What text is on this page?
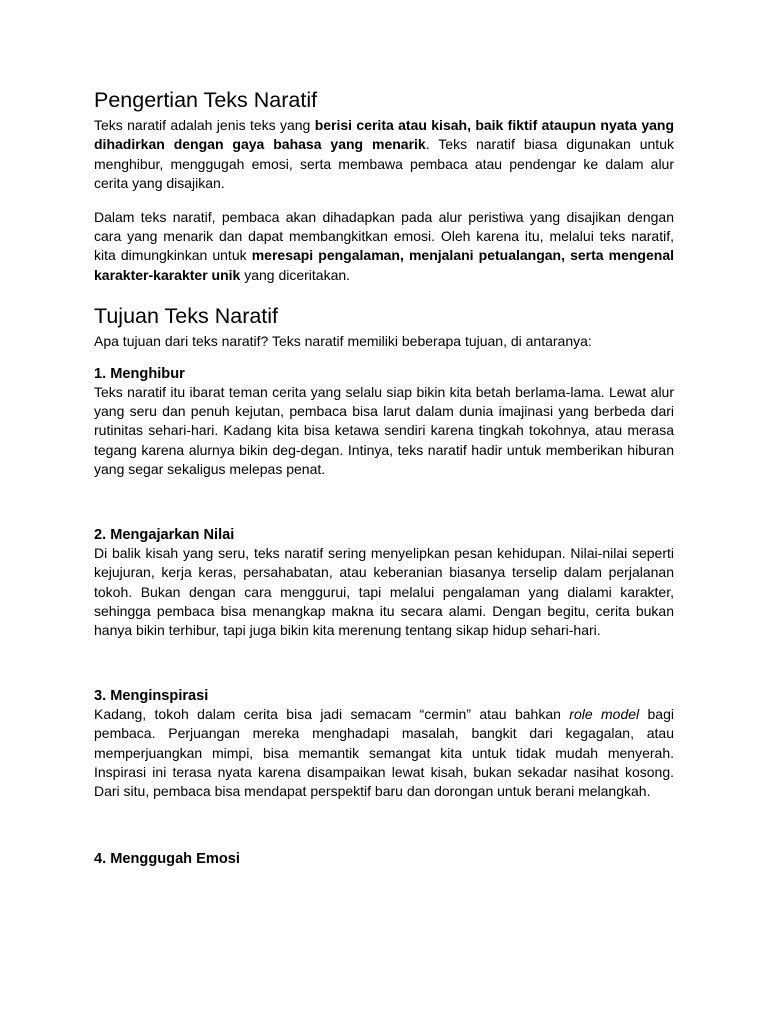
Pengertian Teks Naratif

Teks naratif adalah jenis teks yang berisi cerita atau kisah, baik fiktif ataupun nyata yang dihadirkan dengan gaya bahasa yang menarik. Teks naratif biasa digunakan untuk menghibur, menggugah emosi, serta membawa pembaca atau pendengar ke dalam alur cerita yang disajikan.

Dalam teks naratif, pembaca akan dihadapkan pada alur peristiwa yang disajikan dengan cara yang menarik dan dapat membangkitkan emosi. Oleh karena itu, melalui teks naratif, kita dimungkinkan untuk meresapi pengalaman, menjalani petualangan, serta mengenal karakter-karakter unik yang diceritakan.

Tujuan Teks Naratif

Apa tujuan dari teks naratif? Teks naratif memiliki beberapa tujuan, di antaranya:

1. Menghibur

Teks naratif itu ibarat teman cerita yang selalu siap bikin kita betah berlama-lama. Lewat alur yang seru dan penuh kejutan, pembaca bisa larut dalam dunia imajinasi yang berbeda dari rutinitas sehari-hari. Kadang kita bisa ketawa sendiri karena tingkah tokohnya, atau merasa tegang karena alurnya bikin deg-degan. Intinya, teks naratif hadir untuk memberikan hiburan yang segar sekaligus melepas penat.

2. Mengajarkan Nilai

Di balik kisah yang seru, teks naratif sering menyelipkan pesan kehidupan. Nilai-nilai seperti kejujuran, kerja keras, persahabatan, atau keberanian biasanya terselip dalam perjalanan tokoh. Bukan dengan cara menggurui, tapi melalui pengalaman yang dialami karakter, sehingga pembaca bisa menangkap makna itu secara alami. Dengan begitu, cerita bukan hanya bikin terhibur, tapi juga bikin kita merenung tentang sikap hidup sehari-hari.

3. Menginspirasi

Kadang, tokoh dalam cerita bisa jadi semacam “cermin” atau bahkan role model bagi pembaca. Perjuangan mereka menghadapi masalah, bangkit dari kegagalan, atau memperjuangkan mimpi, bisa memantik semangat kita untuk tidak mudah menyerah. Inspirasi ini terasa nyata karena disampaikan lewat kisah, bukan sekadar nasihat kosong. Dari situ, pembaca bisa mendapat perspektif baru dan dorongan untuk berani melangkah.

4. Menggugah Emosi
